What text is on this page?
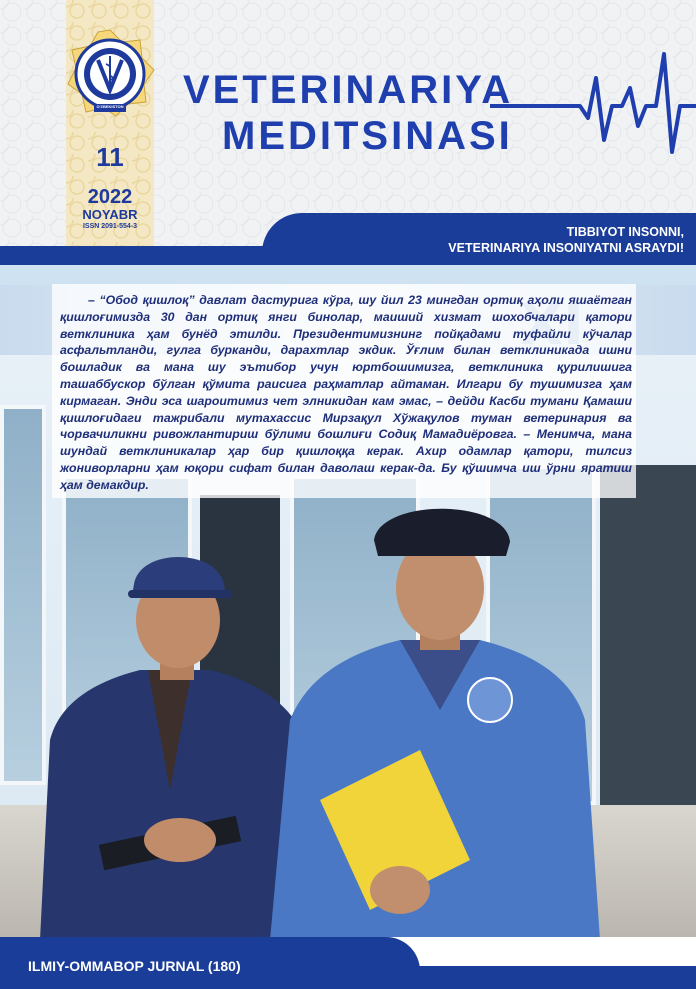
O'ZBEKISTON
11
2022
NOYABR
ISSN 2091-554-3
VETERINARIYA
MEDITSINASI
TIBBIYOT INSONNI,
VETERINARIYA INSONIYATNI ASRAYDI!

– “Обод қишлоқ” давлат дастурига кўра, шу йил 23 мингдан ортиқ аҳоли яшаётган қишлоғимизда 30 дан ортиқ янги бинолар, маиший хизмат шохобчалари қатори ветклиника ҳам бунёд этилди. Президентимизнинг пойқадами туфайли кўчалар асфальтланди, гулга бурканди, дарахтлар экдик. Ўғлим билан ветклиникада ишни бошладик ва мана шу эътибор учун юртбошимизга, ветклиника қурилишига ташаббускор бўлган қўмита раисига раҳматлар айтаман. Илгари бу тушимизга ҳам кирмаган. Энди эса шароитимиз чет элникидан кам эмас, – дейди Касби тумани Қамаши қишлоғидаги тажрибали мутахассис Мирзақул Хўжақулов туман ветеринария ва чорвачиликни ривожлантириш бўлими бошлиғи Содиқ Мамадиёровга. – Менимча, мана шундай ветклиникалар ҳар бир қишлоққа керак. Ахир одамлар қатори, тилсиз жониворларни ҳам юқори сифат билан даволаш керак-да. Бу қўшимча иш ўрни яратиш ҳам демакдир.

ILMIY-OMMABOP JURNAL (180)
